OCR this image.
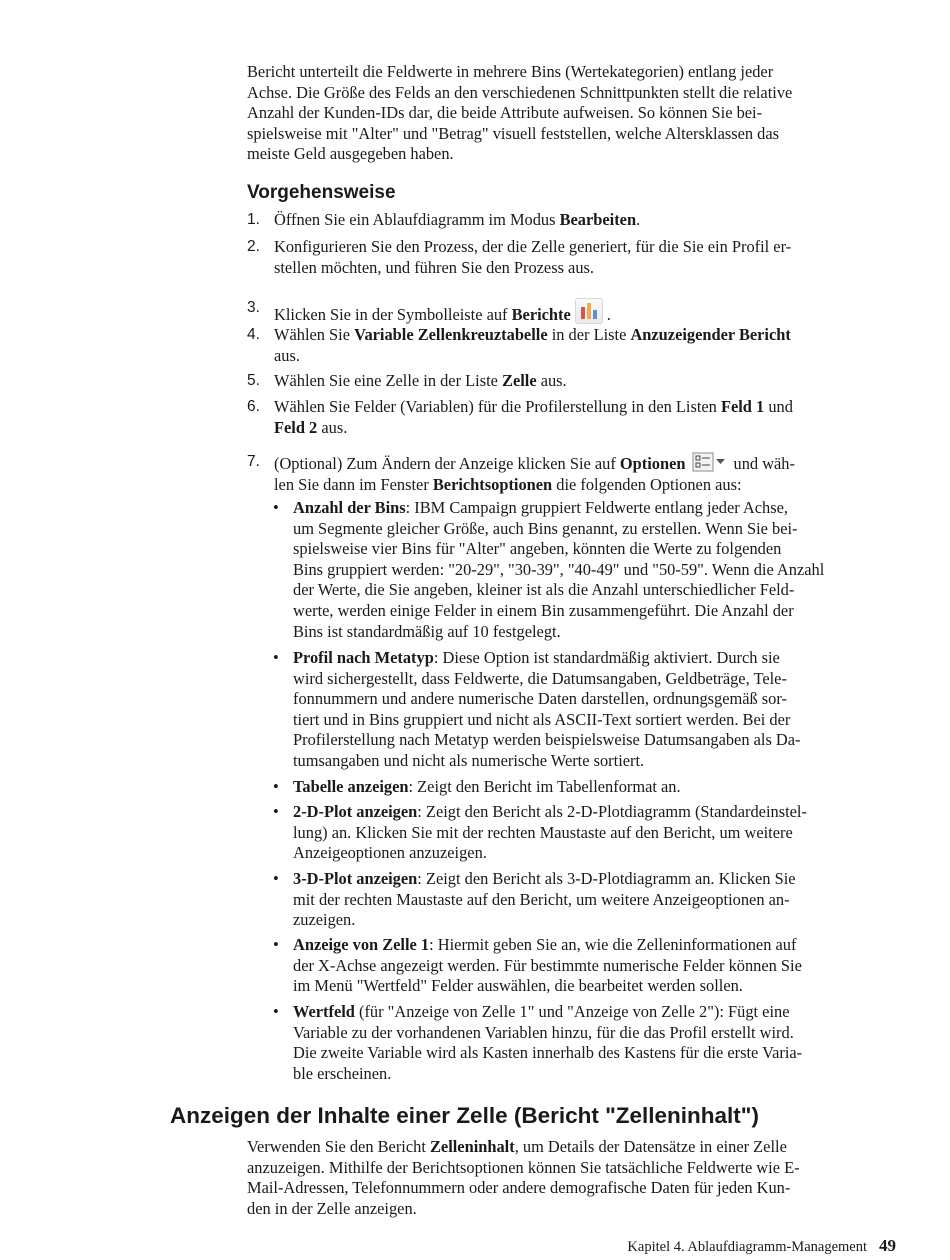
Bericht unterteilt die Feldwerte in mehrere Bins (Wertekategorien) entlang jeder
Achse. Die Größe des Felds an den verschiedenen Schnittpunkten stellt die relative
Anzahl der Kunden-IDs dar, die beide Attribute aufweisen. So können Sie bei-
spielsweise mit "Alter" und "Betrag" visuell feststellen, welche Altersklassen das
meiste Geld ausgegeben haben.
Vorgehensweise
1. Öffnen Sie ein Ablaufdiagramm im Modus Bearbeiten.
2. Konfigurieren Sie den Prozess, der die Zelle generiert, für die Sie ein Profil er-
stellen möchten, und führen Sie den Prozess aus.
3. Klicken Sie in der Symbolleiste auf Berichte .
4. Wählen Sie Variable Zellenkreuztabelle in der Liste Anzuzeigender Bericht
aus.
5. Wählen Sie eine Zelle in der Liste Zelle aus.
6. Wählen Sie Felder (Variablen) für die Profilerstellung in den Listen Feld 1 und
Feld 2 aus.
7. (Optional) Zum Ändern der Anzeige klicken Sie auf Optionen	und wäh-
len Sie dann im Fenster Berichtsoptionen die folgenden Optionen aus:
• Anzahl der Bins: IBM Campaign gruppiert Feldwerte entlang jeder Achse,
um Segmente gleicher Größe, auch Bins genannt, zu erstellen. Wenn Sie bei-
spielsweise vier Bins für "Alter" angeben, könnten die Werte zu folgenden
Bins gruppiert werden: "20-29", "30-39", "40-49" und "50-59". Wenn die Anzahl
der Werte, die Sie angeben, kleiner ist als die Anzahl unterschiedlicher Feld-
werte, werden einige Felder in einem Bin zusammengeführt. Die Anzahl der
Bins ist standardmäßig auf 10 festgelegt.
• Profil nach Metatyp: Diese Option ist standardmäßig aktiviert. Durch sie
wird sichergestellt, dass Feldwerte, die Datumsangaben, Geldbeträge, Tele-
fonnummern und andere numerische Daten darstellen, ordnungsgemäß sor-
tiert und in Bins gruppiert und nicht als ASCII-Text sortiert werden. Bei der
Profilerstellung nach Metatyp werden beispielsweise Datumsangaben als Da-
tumsangaben und nicht als numerische Werte sortiert.
• Tabelle anzeigen: Zeigt den Bericht im Tabellenformat an.
• 2-D-Plot anzeigen: Zeigt den Bericht als 2-D-Plotdiagramm (Standardeinstel-
lung) an. Klicken Sie mit der rechten Maustaste auf den Bericht, um weitere
Anzeigeoptionen anzuzeigen.
• 3-D-Plot anzeigen: Zeigt den Bericht als 3-D-Plotdiagramm an. Klicken Sie
mit der rechten Maustaste auf den Bericht, um weitere Anzeigeoptionen an-
zuzeigen.
• Anzeige von Zelle 1: Hiermit geben Sie an, wie die Zelleninformationen auf
der X-Achse angezeigt werden. Für bestimmte numerische Felder können Sie
im Menü "Wertfeld" Felder auswählen, die bearbeitet werden sollen.
• Wertfeld (für "Anzeige von Zelle 1" und "Anzeige von Zelle 2"): Fügt eine
Variable zu der vorhandenen Variablen hinzu, für die das Profil erstellt wird.
Die zweite Variable wird als Kasten innerhalb des Kastens für die erste Varia-
ble erscheinen.
Anzeigen der Inhalte einer Zelle (Bericht "Zelleninhalt")
Verwenden Sie den Bericht Zelleninhalt, um Details der Datensätze in einer Zelle
anzuzeigen. Mithilfe der Berichtsoptionen können Sie tatsächliche Feldwerte wie E-
Mail-Adressen, Telefonnummern oder andere demografische Daten für jeden Kun-
den in der Zelle anzeigen.
Kapitel 4. Ablaufdiagramm-Management 49
